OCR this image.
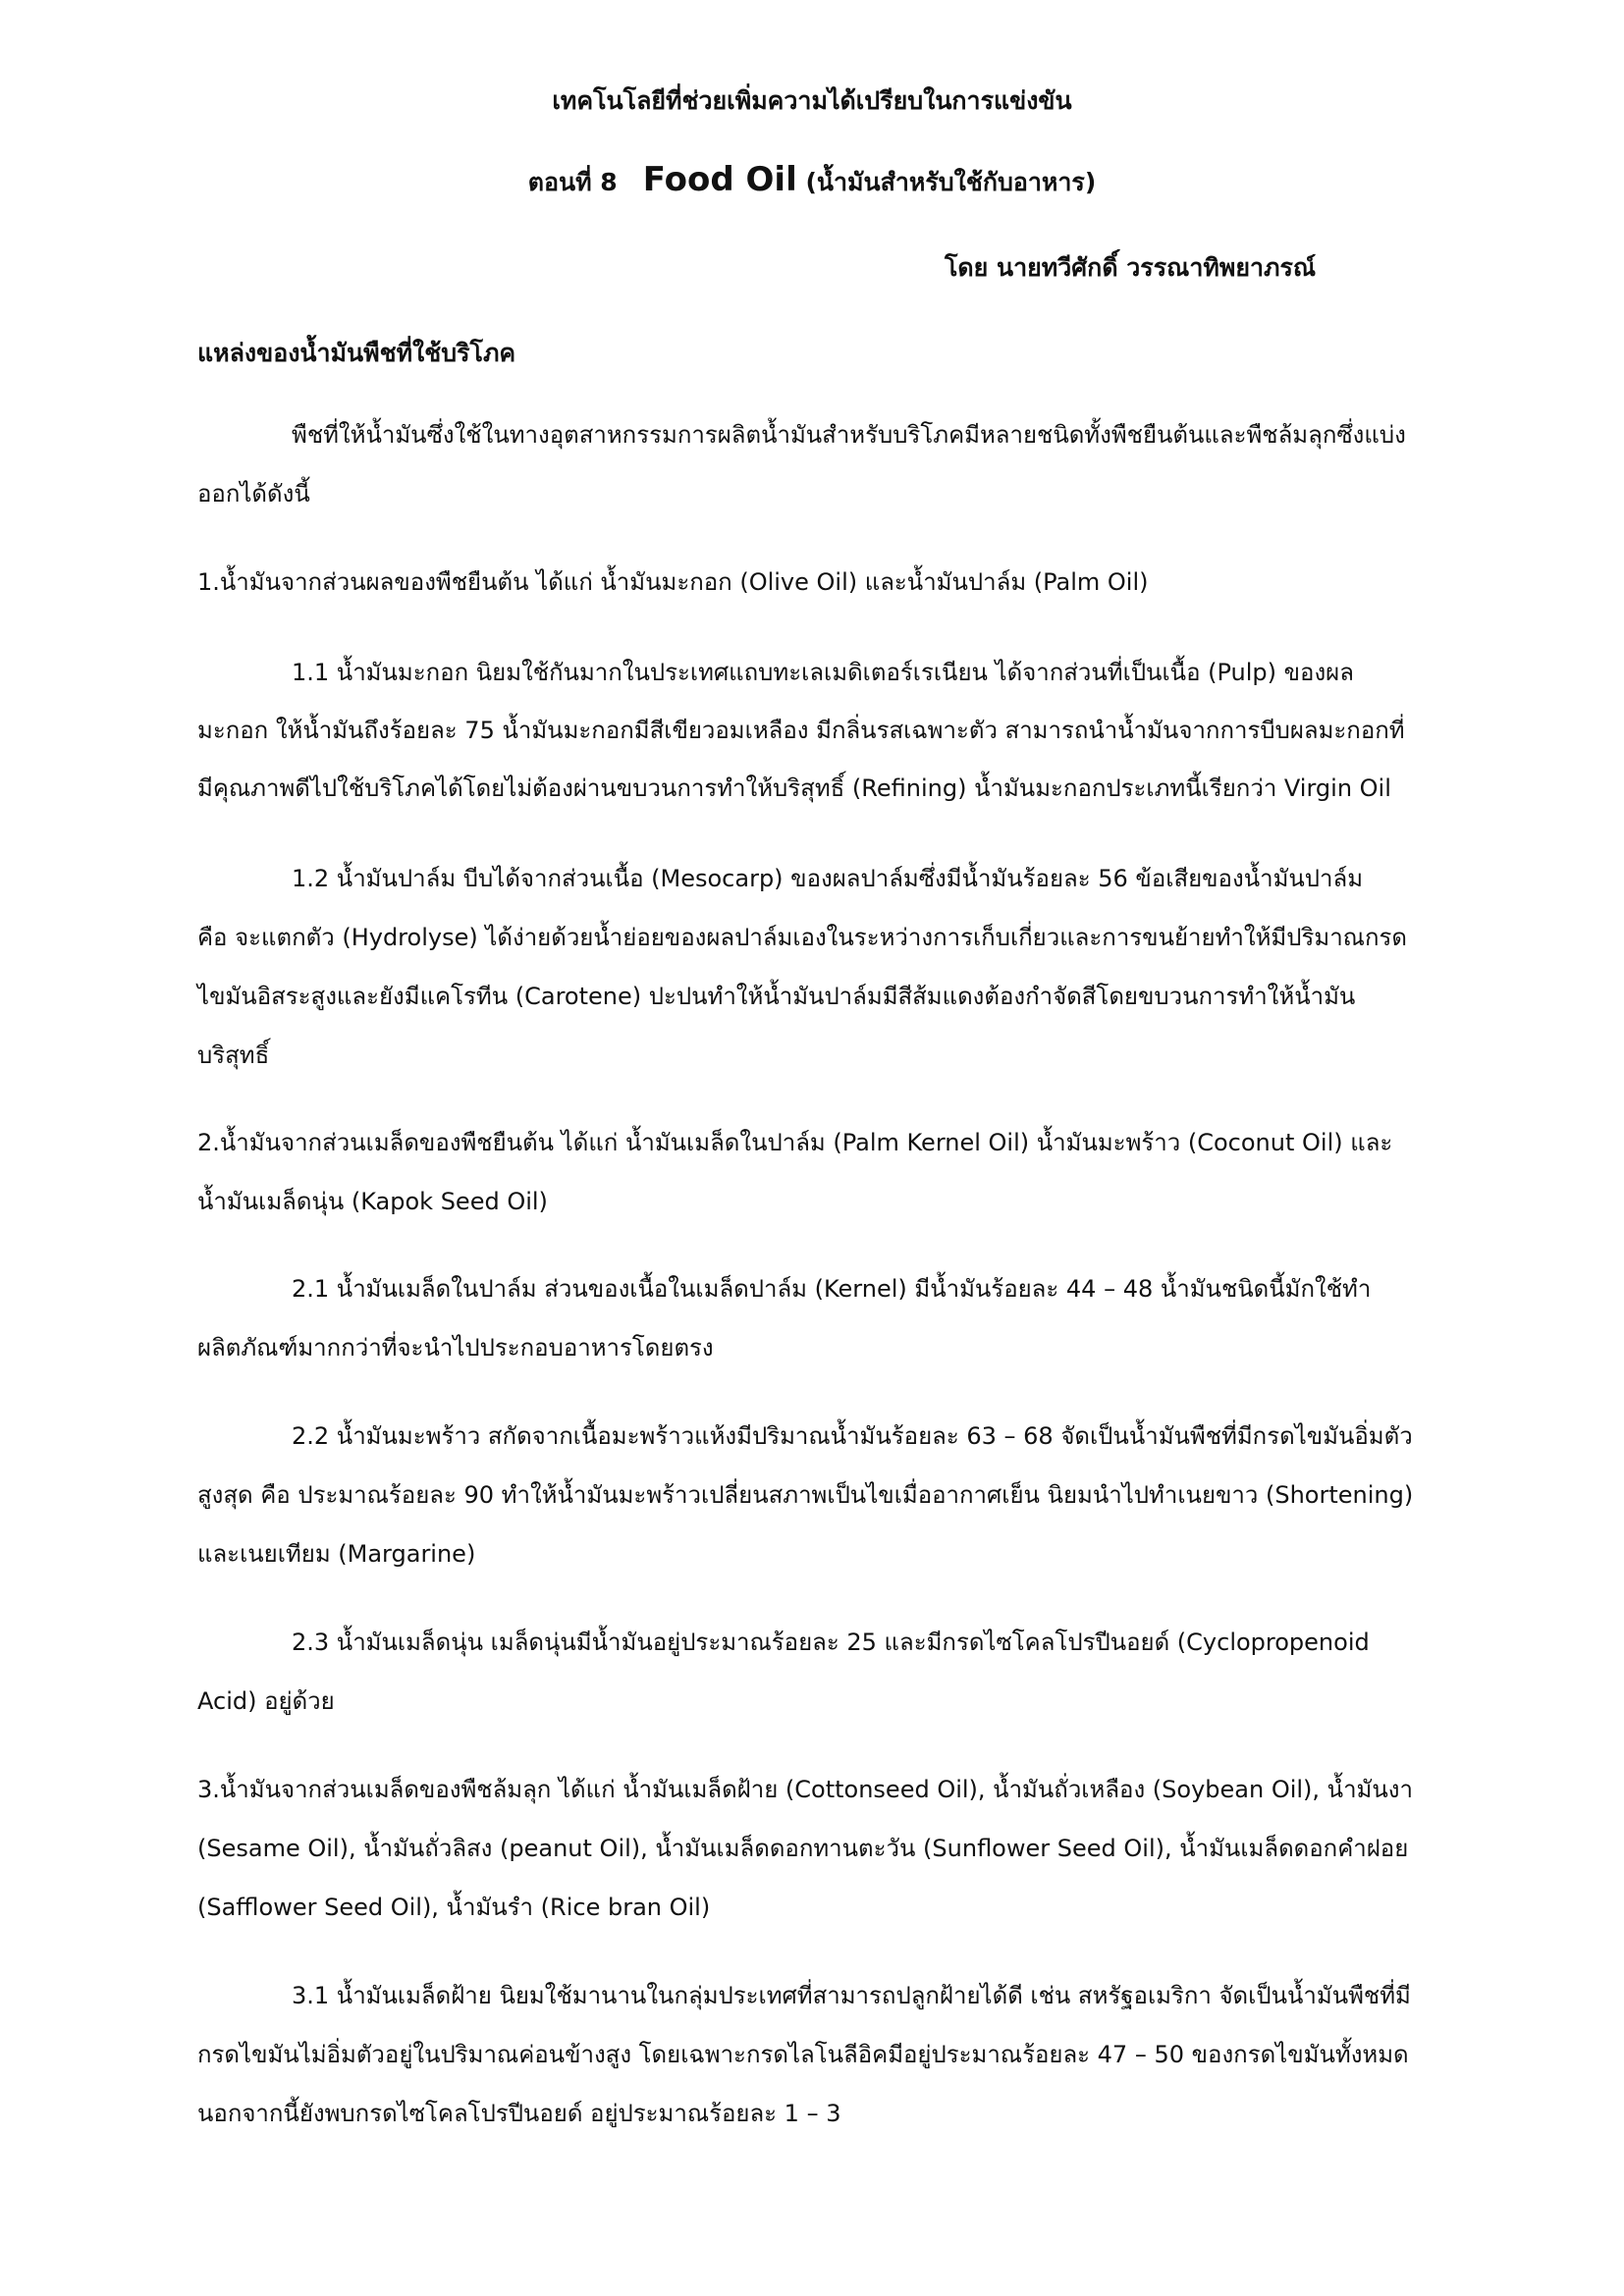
เทคโนโลยีที่ช่วยเพิ่มความได้เปรียบในการแข่งขัน
ตอนที่ 8 Food Oil (น้ำมันสำหรับใช้กับอาหาร)
โดย นายทวีศักดิ์ วรรณาทิพยาภรณ์
แหล่งของน้ำมันพืชที่ใช้บริโภค
พืชที่ให้น้ำมันซึ่งใช้ในทางอุตสาหกรรมการผลิตน้ำมันสำหรับบริโภคมีหลายชนิดทั้งพืชยืนต้นและพืชล้มลุกซึ่งแบ่ง
ออกได้ดังนี้
1.น้ำมันจากส่วนผลของพืชยืนต้น ได้แก่ น้ำมันมะกอก (Olive Oil) และน้ำมันปาล์ม (Palm Oil)
1.1 น้ำมันมะกอก นิยมใช้กันมากในประเทศแถบทะเลเมดิเตอร์เรเนียน ได้จากส่วนที่เป็นเนื้อ (Pulp) ของผล
มะกอก ให้น้ำมันถึงร้อยละ 75 น้ำมันมะกอกมีสีเขียวอมเหลือง มีกลิ่นรสเฉพาะตัว สามารถนำน้ำมันจากการบีบผลมะกอกที่
มีคุณภาพดีไปใช้บริโภคได้โดยไม่ต้องผ่านขบวนการทำให้บริสุทธิ์ (Refining) น้ำมันมะกอกประเภทนี้เรียกว่า Virgin Oil
1.2 น้ำมันปาล์ม บีบได้จากส่วนเนื้อ (Mesocarp) ของผลปาล์มซึ่งมีน้ำมันร้อยละ 56 ข้อเสียของน้ำมันปาล์ม
คือ จะแตกตัว (Hydrolyse) ได้ง่ายด้วยน้ำย่อยของผลปาล์มเองในระหว่างการเก็บเกี่ยวและการขนย้ายทำให้มีปริมาณกรด
ไขมันอิสระสูงและยังมีแคโรทีน (Carotene) ปะปนทำให้น้ำมันปาล์มมีสีส้มแดงต้องกำจัดสีโดยขบวนการทำให้น้ำมัน
บริสุทธิ์
2.น้ำมันจากส่วนเมล็ดของพืชยืนต้น ได้แก่ น้ำมันเมล็ดในปาล์ม (Palm Kernel Oil) น้ำมันมะพร้าว (Coconut Oil) และ
น้ำมันเมล็ดนุ่น (Kapok Seed Oil)
2.1 น้ำมันเมล็ดในปาล์ม ส่วนของเนื้อในเมล็ดปาล์ม (Kernel) มีน้ำมันร้อยละ 44 – 48 น้ำมันชนิดนี้มักใช้ทำ
ผลิตภัณฑ์มากกว่าที่จะนำไปประกอบอาหารโดยตรง
2.2 น้ำมันมะพร้าว สกัดจากเนื้อมะพร้าวแห้งมีปริมาณน้ำมันร้อยละ 63 – 68 จัดเป็นน้ำมันพืชที่มีกรดไขมันอิ่มตัว
สูงสุด คือ ประมาณร้อยละ 90 ทำให้น้ำมันมะพร้าวเปลี่ยนสภาพเป็นไขเมื่ออากาศเย็น นิยมนำไปทำเนยขาว (Shortening)
และเนยเทียม (Margarine)
2.3 น้ำมันเมล็ดนุ่น เมล็ดนุ่นมีน้ำมันอยู่ประมาณร้อยละ 25 และมีกรดไซโคลโปรปีนอยด์ (Cyclopropenoid
Acid) อยู่ด้วย
3.น้ำมันจากส่วนเมล็ดของพืชล้มลุก ได้แก่ น้ำมันเมล็ดฝ้าย (Cottonseed Oil), น้ำมันถั่วเหลือง (Soybean Oil), น้ำมันงา
(Sesame Oil), น้ำมันถั่วลิสง (peanut Oil), น้ำมันเมล็ดดอกทานตะวัน (Sunflower Seed Oil), น้ำมันเมล็ดดอกคำฝอย
(Safflower Seed Oil), น้ำมันรำ (Rice bran Oil)
3.1 น้ำมันเมล็ดฝ้าย นิยมใช้มานานในกลุ่มประเทศที่สามารถปลูกฝ้ายได้ดี เช่น สหรัฐอเมริกา จัดเป็นน้ำมันพืชที่มี
กรดไขมันไม่อิ่มตัวอยู่ในปริมาณค่อนข้างสูง โดยเฉพาะกรดไลโนลีอิคมีอยู่ประมาณร้อยละ 47 – 50 ของกรดไขมันทั้งหมด
นอกจากนี้ยังพบกรดไซโคลโปรปีนอยด์ อยู่ประมาณร้อยละ 1 – 3
